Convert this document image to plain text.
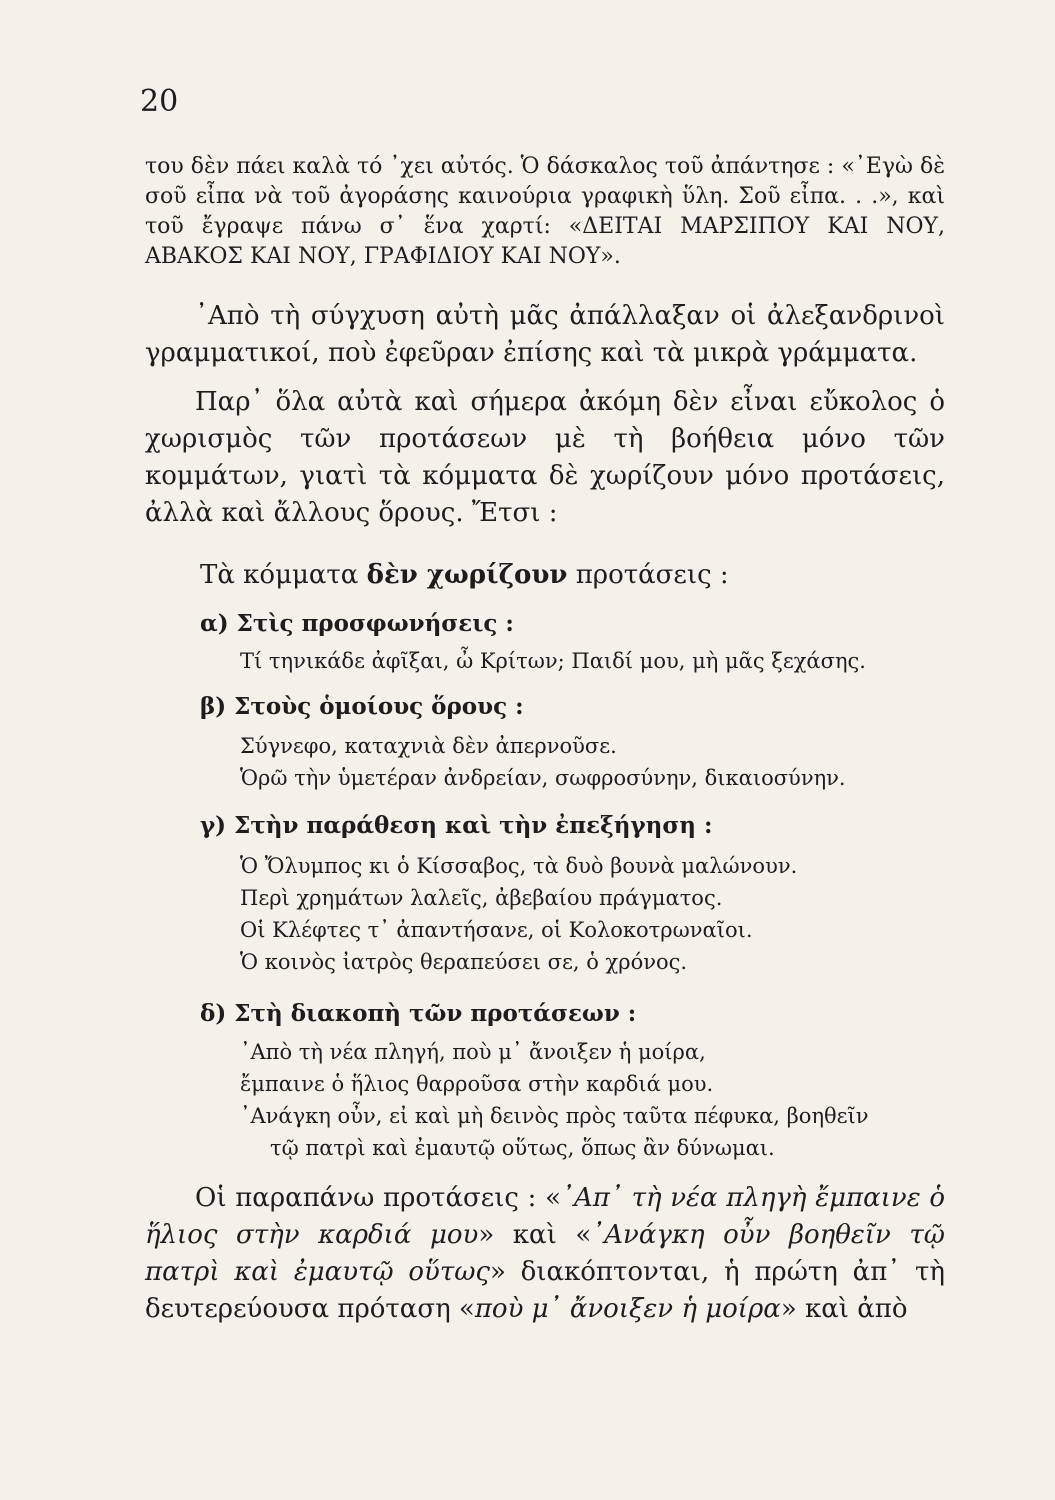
20

του δὲν πάει καλὰ τό ᾿χει αὐτός. Ὁ δάσκαλος τοῦ ἀπάντησε : «᾿Εγὼ δὲ σοῦ εἶπα νὰ τοῦ ἀγοράσης καινούρια γραφικὴ ὕλη. Σοῦ εἶπα. . .», καὶ τοῦ ἔγραψε πάνω σ᾿ ἕνα χαρτί: «ΔΕΙΤΑΙ ΜΑΡΣΙΠΟΥ ΚΑΙ ΝΟΥ, ΑΒΑΚΟΣ ΚΑΙ ΝΟΥ, ΓΡΑΦΙΔΙΟΥ ΚΑΙ ΝΟΥ».

᾿Απὸ τὴ σύγχυση αὐτὴ μᾶς ἀπάλλαξαν οἱ ἀλεξανδρινοὶ γραμματικοί, ποὺ ἐφεῦραν ἐπίσης καὶ τὰ μικρὰ γράμματα.

Παρ᾿ ὅλα αὐτὰ καὶ σήμερα ἀκόμη δὲν εἶναι εὔκολος ὁ χωρισμὸς τῶν προτάσεων μὲ τὴ βοήθεια μόνο τῶν κομμάτων, γιατὶ τὰ κόμματα δὲ χωρίζουν μόνο προτάσεις, ἀλλὰ καὶ ἄλλους ὅρους. Ἔτσι :

Τὰ κόμματα δὲν χωρίζουν προτάσεις :
α) Στὶς προσφωνήσεις :
Τί τηνικάδε ἀφῖξαι, ὦ Κρίτων; Παιδί μου, μὴ μᾶς ξεχάσης.
β) Στοὺς ὁμοίους ὅρους :
Σύγνεφο, καταχνιὰ δὲν ἀπερνοῦσε.
Ὁρῶ τὴν ὑμετέραν ἀνδρείαν, σωφροσύνην, δικαιοσύνην.
γ) Στὴν παράθεση καὶ τὴν ἐπεξήγηση :
Ὁ Ὄλυμπος κι ὁ Κίσσαβος, τὰ δυὸ βουνὰ μαλώνουν.
Περὶ χρημάτων λαλεῖς, ἀβεβαίου πράγματος.
Οἱ Κλέφτες τ᾿ ἀπαντήσανε, οἱ Κολοκοτρωναῖοι.
Ὁ κοινὸς ἰατρὸς θεραπεύσει σε, ὁ χρόνος.
δ) Στὴ διακοπὴ τῶν προτάσεων :
᾿Απὸ τὴ νέα πληγή, ποὺ μ᾿ ἄνοιξεν ἡ μοίρα,
ἔμπαινε ὁ ἥλιος θαρροῦσα στὴν καρδιά μου.
᾿Ανάγκη οὖν, εἰ καὶ μὴ δεινὸς πρὸς ταῦτα πέφυκα, βοηθεῖν
τῷ πατρὶ καὶ ἐμαυτῷ οὕτως, ὅπως ἂν δύνωμαι.

Οἱ παραπάνω προτάσεις : «᾿Απ᾿ τὴ νέα πληγὴ ἔμπαινε ὁ ἥλιος στὴν καρδιά μου» καὶ «᾿Ανάγκη οὖν βοηθεῖν τῷ πατρὶ καὶ ἐμαυτῷ οὕτως» διακόπτονται, ἡ πρώτη ἀπ᾿ τὴ δευτερεύουσα πρόταση «ποὺ μ᾿ ἄνοιξεν ἡ μοίρα» καὶ ἀπὸ
